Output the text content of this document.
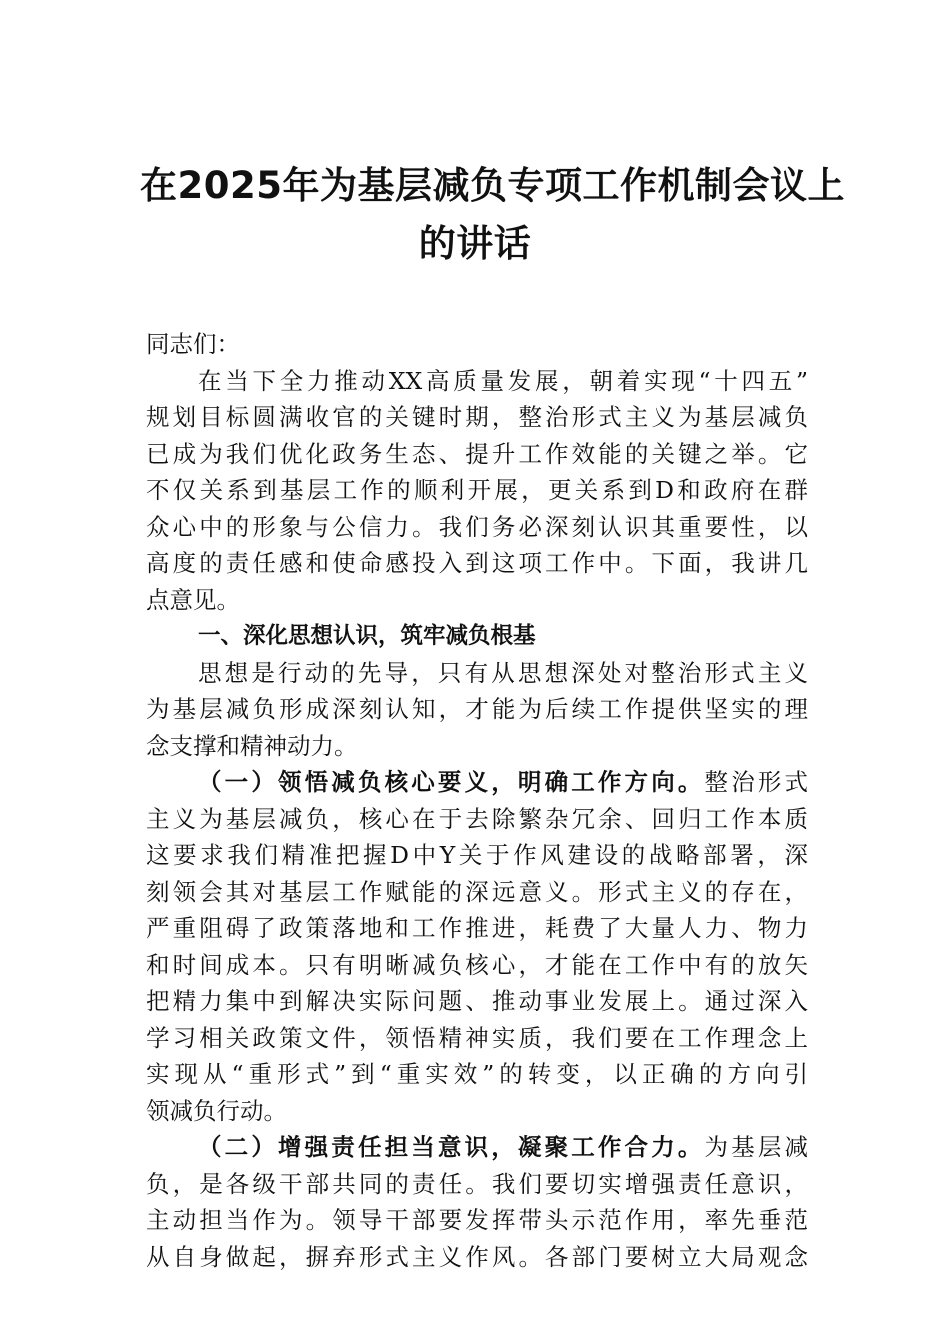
在2025年为基层减负专项工作机制会议上
的讲话

同志们：

在当下全力推动XX高质量发展，朝着实现“十四五”
规划目标圆满收官的关键时期，整治形式主义为基层减负
已成为我们优化政务生态、提升工作效能的关键之举。它
不仅关系到基层工作的顺利开展，更关系到D和政府在群
众心中的形象与公信力。我们务必深刻认识其重要性，以
高度的责任感和使命感投入到这项工作中。下面，我讲几
点意见。

一、深化思想认识，筑牢减负根基

思想是行动的先导，只有从思想深处对整治形式主义
为基层减负形成深刻认知，才能为后续工作提供坚实的理
念支撑和精神动力。

（一）领悟减负核心要义，明确工作方向。整治形式
主义为基层减负，核心在于去除繁杂冗余、回归工作本质
这要求我们精准把握D中Y关于作风建设的战略部署，深
刻领会其对基层工作赋能的深远意义。形式主义的存在，
严重阻碍了政策落地和工作推进，耗费了大量人力、物力
和时间成本。只有明晰减负核心，才能在工作中有的放矢
把精力集中到解决实际问题、推动事业发展上。通过深入
学习相关政策文件，领悟精神实质，我们要在工作理念上
实现从“重形式”到“重实效”的转变，以正确的方向引
领减负行动。

（二）增强责任担当意识，凝聚工作合力。为基层减
负，是各级干部共同的责任。我们要切实增强责任意识，
主动担当作为。领导干部要发挥带头示范作用，率先垂范
从自身做起，摒弃形式主义作风。各部门要树立大局观念
